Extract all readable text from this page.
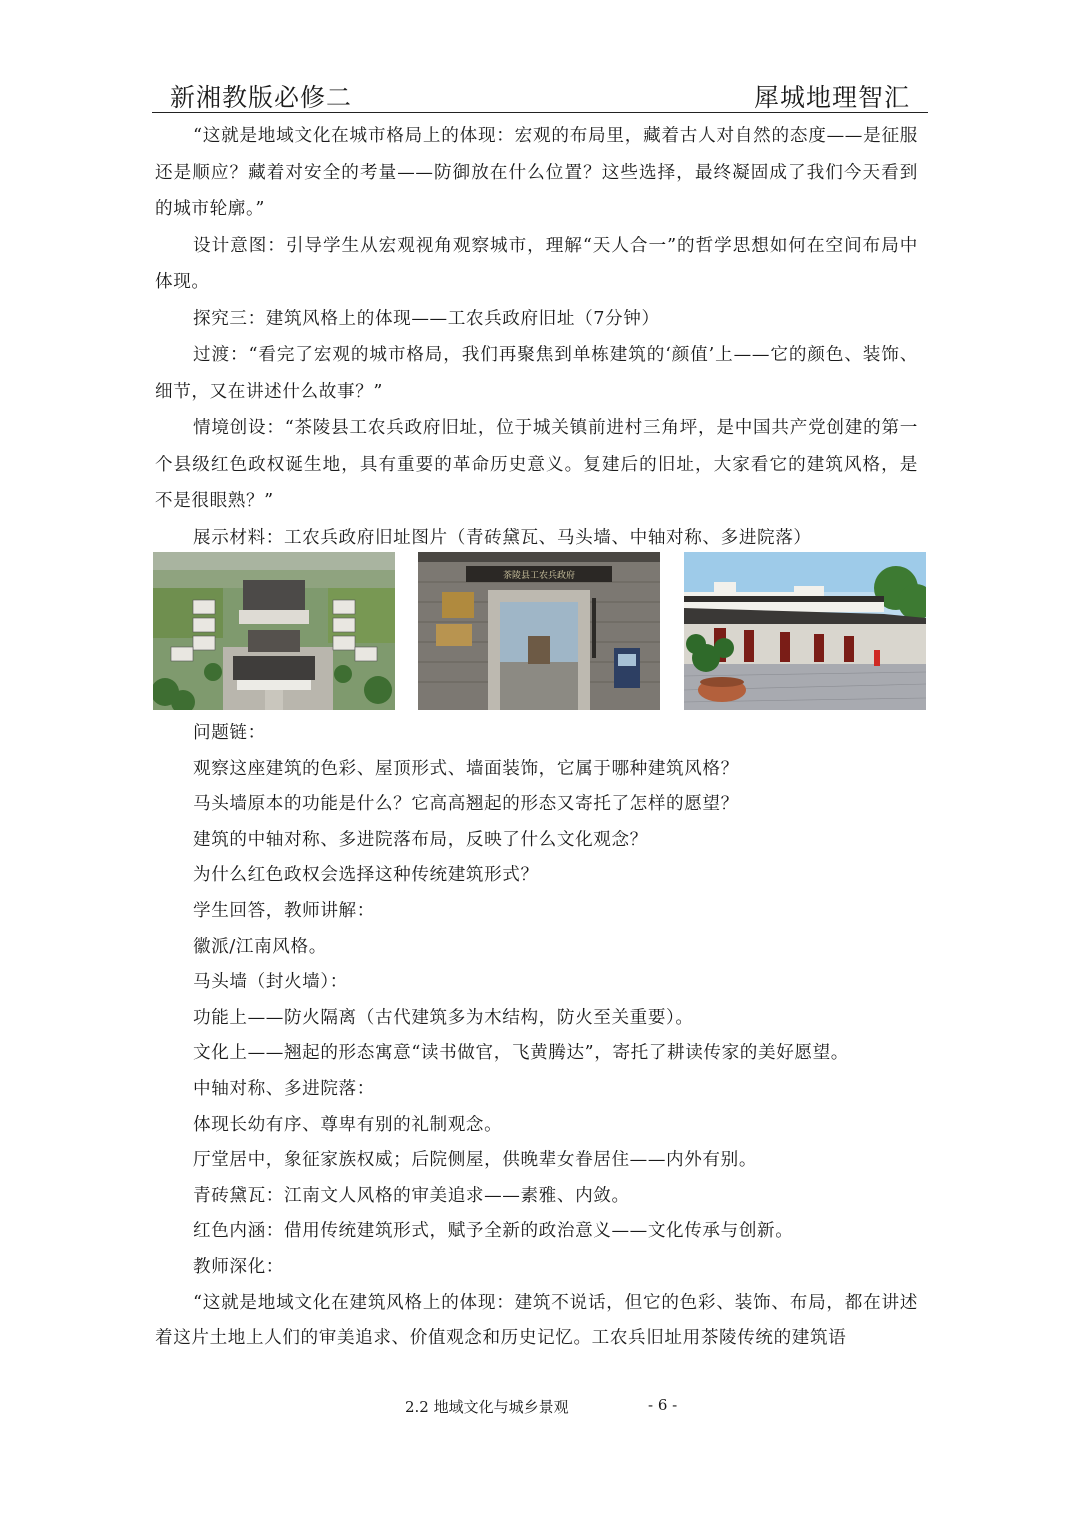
新湘教版必修二	犀城地理智汇

“这就是地域文化在城市格局上的体现：宏观的布局里，藏着古人对自然的态度——是征服还是顺应？藏着对安全的考量——防御放在什么位置？这些选择，最终凝固成了我们今天看到的城市轮廓。”

设计意图：引导学生从宏观视角观察城市，理解“天人合一”的哲学思想如何在空间布局中体现。

探究三：建筑风格上的体现——工农兵政府旧址（7分钟）

过渡：“看完了宏观的城市格局，我们再聚焦到单栋建筑的‘颜值’上——它的颜色、装饰、细节，又在讲述什么故事？”

情境创设：“茶陵县工农兵政府旧址，位于城关镇前进村三角坪，是中国共产党创建的第一个县级红色政权诞生地，具有重要的革命历史意义。复建后的旧址，大家看它的建筑风格，是不是很眼熟？”

展示材料：工农兵政府旧址图片（青砖黛瓦、马头墙、中轴对称、多进院落）

茶陵县工农兵政府

问题链：

观察这座建筑的色彩、屋顶形式、墙面装饰，它属于哪种建筑风格？

马头墙原本的功能是什么？它高高翘起的形态又寄托了怎样的愿望？

建筑的中轴对称、多进院落布局，反映了什么文化观念？

为什么红色政权会选择这种传统建筑形式？

学生回答，教师讲解：

徽派/江南风格。

马头墙（封火墙）：

功能上——防火隔离（古代建筑多为木结构，防火至关重要）。

文化上——翘起的形态寓意“读书做官，飞黄腾达”，寄托了耕读传家的美好愿望。

中轴对称、多进院落：

体现长幼有序、尊卑有别的礼制观念。

厅堂居中，象征家族权威；后院侧屋，供晚辈女眷居住——内外有别。

青砖黛瓦：江南文人风格的审美追求——素雅、内敛。

红色内涵：借用传统建筑形式，赋予全新的政治意义——文化传承与创新。

教师深化：

“这就是地域文化在建筑风格上的体现：建筑不说话，但它的色彩、装饰、布局，都在讲述着这片土地上人们的审美追求、价值观念和历史记忆。工农兵旧址用茶陵传统的建筑语

2.2 地域文化与城乡景观	- 6 -
